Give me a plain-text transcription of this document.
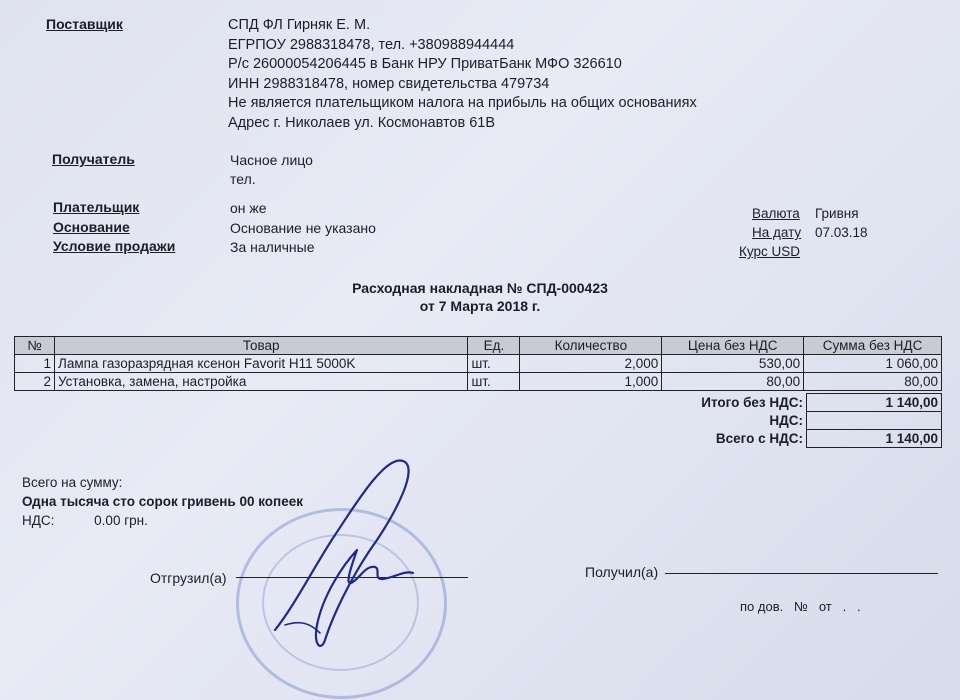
Поставщик	СПД ФЛ Гирняк Е. М.
ЕГРПОУ 2988318478, тел. +380988944444
Р/с 26000054206445 в Банк НРУ ПриватБанк МФО 326610
ИНН 2988318478, номер свидетельства 479734
Не является плательщиком налога на прибыль на общих основаниях
Адрес г. Николаев ул. Космонавтов 61В
Получатель	Часное лицо
тел.
Плательщик	он же
Основание	Основание не указано
Условие продажи	За наличные
Валюта Гривня
На дату 07.03.18
Курс USD
Расходная накладная № СПД-000423
от 7 Марта 2018 г.
№	Товар	Ед.	Количество	Цена без НДС	Сумма без НДС
1	Лампа газоразрядная ксенон Favorit H11 5000K	шт.	2,000	530,00	1 060,00
2	Установка, замена, настройка	шт.	1,000	80,00	80,00
Итого без НДС:	1 140,00
НДС:	
Всего с НДС:	1 140,00
Всего на сумму:
Одна тысяча сто сорок гривень 00 копеек
НДС:	0.00 грн.
Отгрузил(а)	Получил(а)
по дов.   №   от   .   .
